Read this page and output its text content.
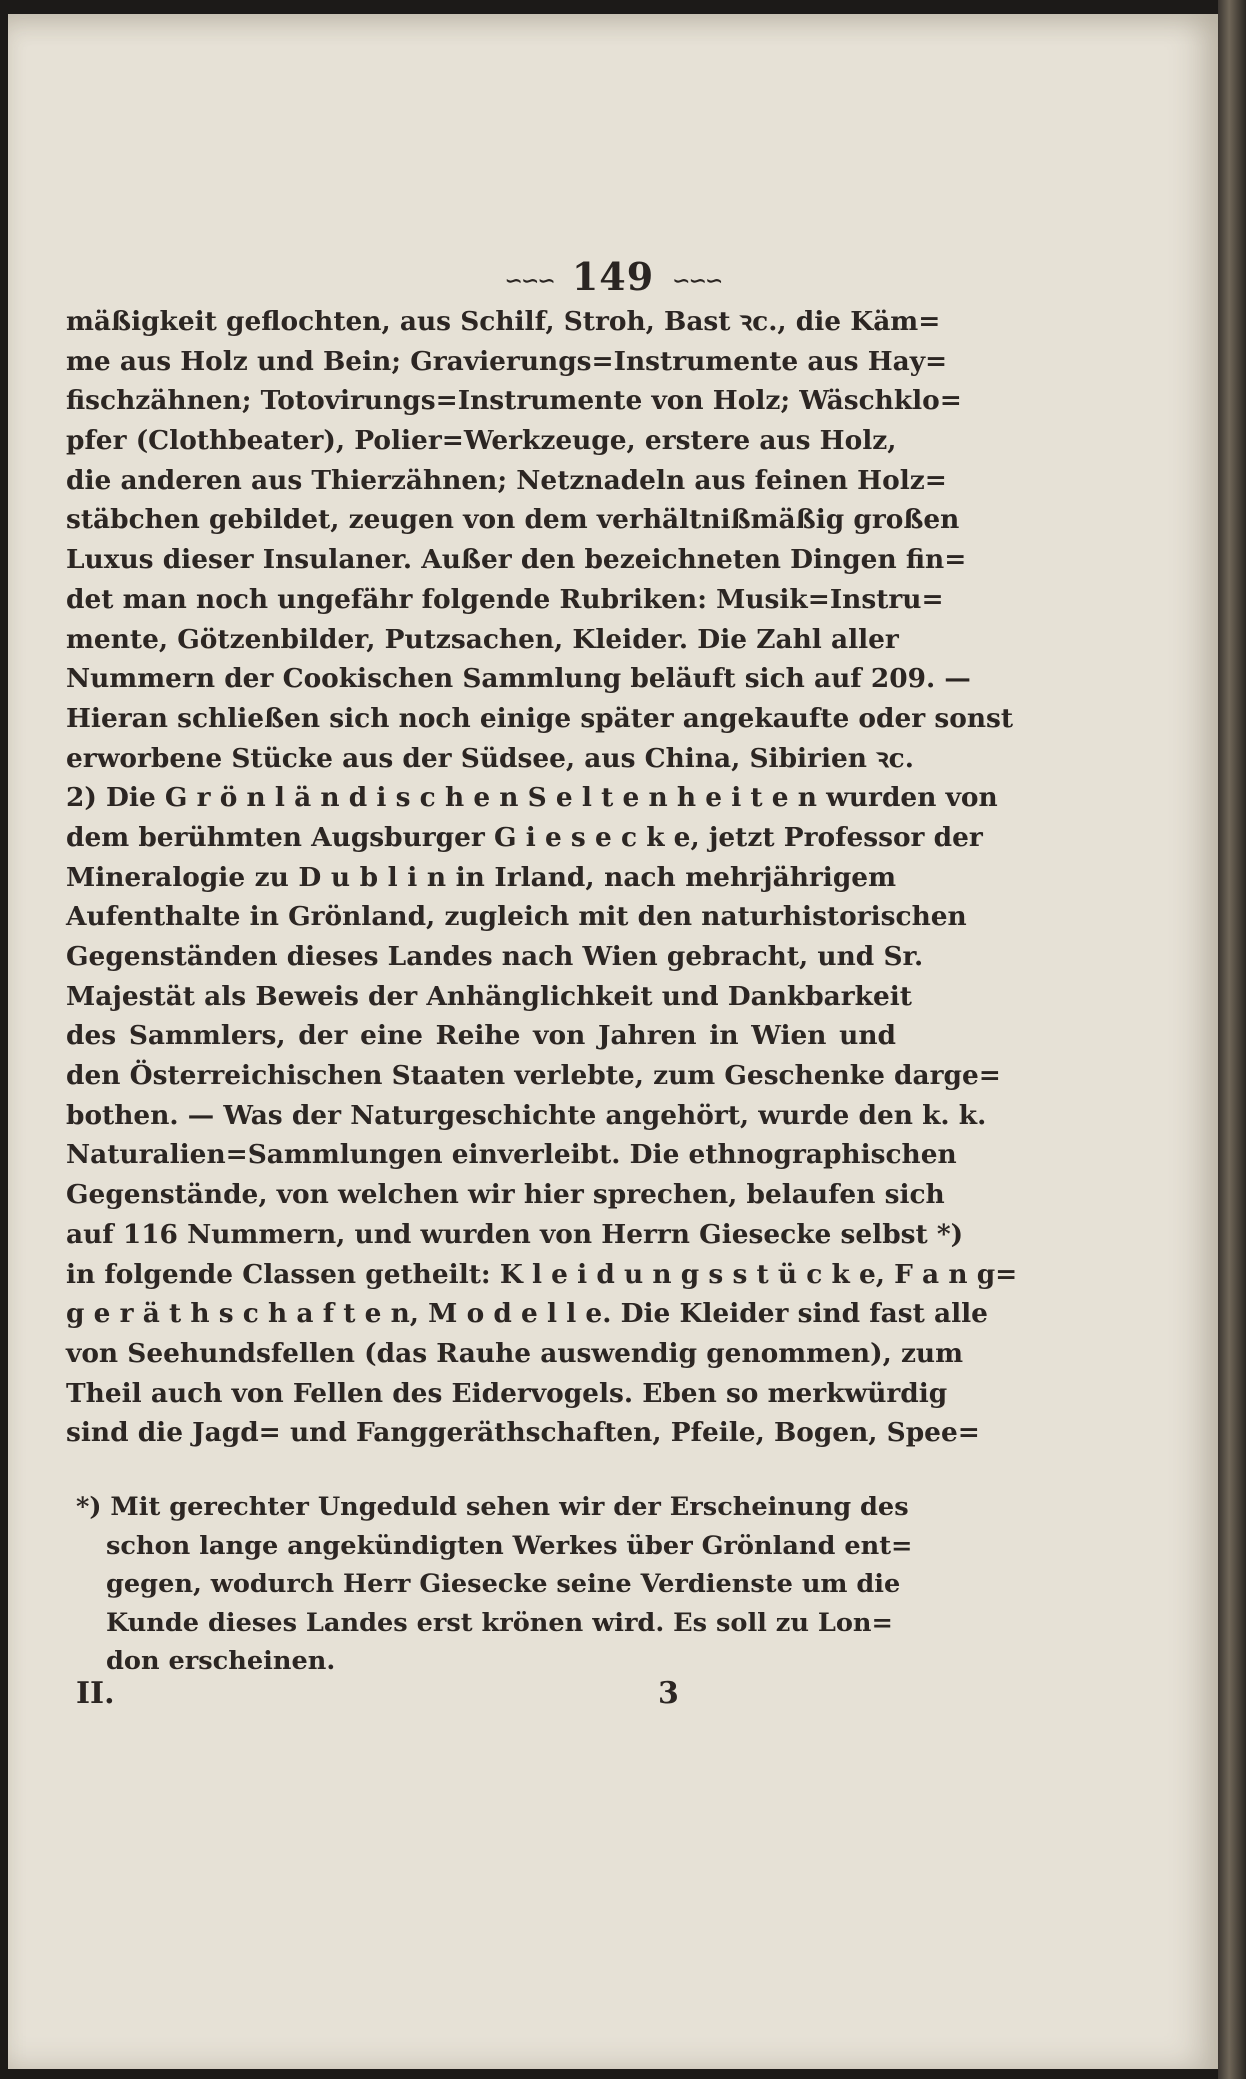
∽∽∽ 149 ∽∽∽
mäßigkeit geflochten, aus Schilf, Stroh, Bast ꝛc., die Käm=
me aus Holz und Bein; Gravierungs=Instrumente aus Hay=
fischzähnen; Totovirungs=Instrumente von Holz; Wäschklo=
pfer (Clothbeater), Polier=Werkzeuge, erstere aus Holz,
die anderen aus Thierzähnen; Netznadeln aus feinen Holz=
stäbchen gebildet, zeugen von dem verhältnißmäßig großen
Luxus dieser Insulaner. Außer den bezeichneten Dingen fin=
det man noch ungefähr folgende Rubriken: Musik=Instru=
mente, Götzenbilder, Putzsachen, Kleider. Die Zahl aller
Nummern der Cookischen Sammlung beläuft sich auf 209. —
Hieran schließen sich noch einige später angekaufte oder sonst
erworbene Stücke aus der Südsee, aus China, Sibirien ꝛc.
2) Die G r ö n l ä n d i s c h e n S e l t e n h e i t e n wurden von
dem berühmten Augsburger G i e s e c k e, jetzt Professor der
Mineralogie zu D u b l i n in Irland, nach mehrjährigem
Aufenthalte in Grönland, zugleich mit den naturhistorischen
Gegenständen dieses Landes nach Wien gebracht, und Sr.
Majestät als Beweis der Anhänglichkeit und Dankbarkeit
des Sammlers, der eine Reihe von Jahren in Wien und
den Österreichischen Staaten verlebte, zum Geschenke darge=
bothen. — Was der Naturgeschichte angehört, wurde den k. k.
Naturalien=Sammlungen einverleibt. Die ethnographischen
Gegenstände, von welchen wir hier sprechen, belaufen sich
auf 116 Nummern, und wurden von Herrn Giesecke selbst *)
in folgende Classen getheilt: K l e i d u n g s s t ü c k e, F a n g=
g e r ä t h s c h a f t e n, M o d e l l e. Die Kleider sind fast alle
von Seehundsfellen (das Rauhe auswendig genommen), zum
Theil auch von Fellen des Eidervogels. Eben so merkwürdig
sind die Jagd= und Fanggeräthschaften, Pfeile, Bogen, Spee=
*) Mit gerechter Ungeduld sehen wir der Erscheinung des
schon lange angekündigten Werkes über Grönland ent=
gegen, wodurch Herr Giesecke seine Verdienste um die
Kunde dieses Landes erst krönen wird. Es soll zu Lon=
don erscheinen.
II.	3
